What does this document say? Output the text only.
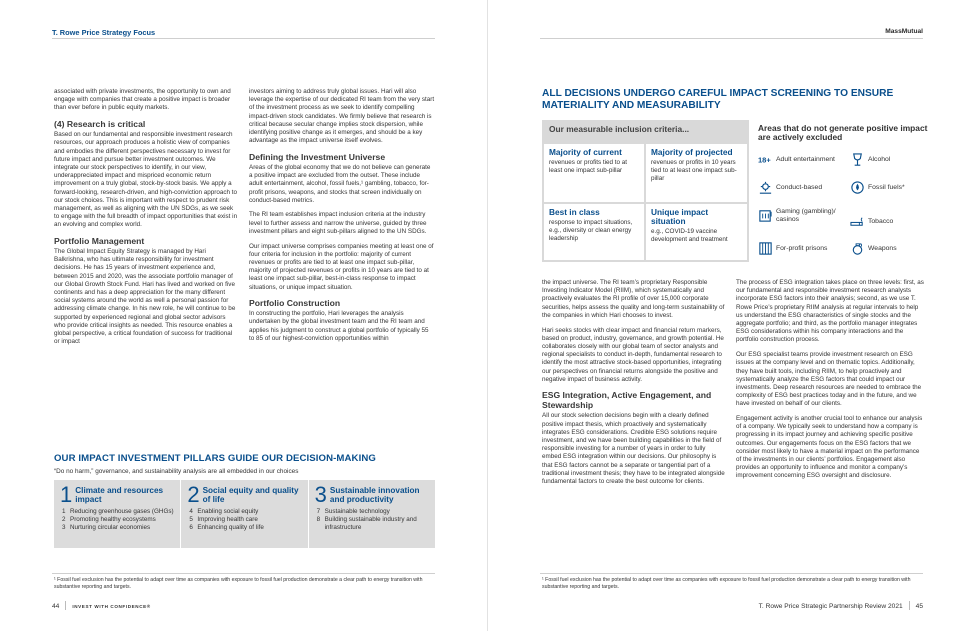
T. Rowe Price Strategy Focus

associated with private investments, the opportunity to own and engage with companies that create a positive impact is broader than ever before in public equity markets.

(4) Research is critical

Based on our fundamental and responsible investment research resources, our approach produces a holistic view of companies and embodies the different perspectives necessary to invest for future impact and pursue better investment outcomes. We integrate our stock perspectives to identify, in our view, underappreciated impact and mispriced economic return improvement on a truly global, stock-by-stock basis. We apply a forward-looking, research-driven, and high-conviction approach to our stock choices. This is important with respect to prudent risk management, as well as aligning with the UN SDGs, as we seek to engage with the full breadth of impact opportunities that exist in an evolving and complex world.

Portfolio Management

The Global Impact Equity Strategy is managed by Hari Balkrishna, who has ultimate responsibility for investment decisions. He has 15 years of investment experience and, between 2015 and 2020, was the associate portfolio manager of our Global Growth Stock Fund. Hari has lived and worked on five continents and has a deep appreciation for the many different social systems around the world as well a personal passion for addressing climate change. In his new role, he will continue to be supported by experienced regional and global sector advisors who provide critical insights as needed. This resource enables a global perspective, a critical foundation of success for traditional or impact

investors aiming to address truly global issues. Hari will also leverage the expertise of our dedicated RI team from the very start of the investment process as we seek to identify compelling impact-driven stock candidates. We firmly believe that research is critical because secular change implies stock dispersion, while identifying positive change as it emerges, and should be a key advantage as the impact universe itself evolves.

Defining the Investment Universe

Areas of the global economy that we do not believe can generate a positive impact are excluded from the outset. These include adult entertainment, alcohol, fossil fuels,¹ gambling, tobacco, for-profit prisons, weapons, and stocks that screen individually on conduct-based metrics.

The RI team establishes impact inclusion criteria at the industry level to further assess and narrow the universe, guided by three investment pillars and eight sub-pillars aligned to the UN SDGs.

Our impact universe comprises companies meeting at least one of four criteria for inclusion in the portfolio: majority of current revenues or profits are tied to at least one impact sub-pillar, majority of projected revenues or profits in 10 years are tied to at least one impact sub-pillar, best-in-class response to impact situations, or unique impact situation.

Portfolio Construction

In constructing the portfolio, Hari leverages the analysis undertaken by the global investment team and the RI team and applies his judgment to construct a global portfolio of typically 55 to 85 of our highest-conviction opportunities within

OUR IMPACT INVESTMENT PILLARS GUIDE OUR DECISION-MAKING
“Do no harm,” governance, and sustainability analysis are all embedded in our choices
1 Climate and resources impact
1 Reducing greenhouse gases (GHGs)
2 Promoting healthy ecosystems
3 Nurturing circular economies
2 Social equity and quality of life
4 Enabling social equity
5 Improving health care
6 Enhancing quality of life
3 Sustainable innovation and productivity
7 Sustainable technology
8 Building sustainable industry and infrastructure
¹ Fossil fuel exclusion has the potential to adapt over time as companies with exposure to fossil fuel production demonstrate a clear path to energy transition with substantive reporting and targets.
44	INVEST WITH CONFIDENCE®
MassMutual
ALL DECISIONS UNDERGO CAREFUL IMPACT SCREENING TO ENSURE MATERIALITY AND MEASURABILITY
Our measurable inclusion criteria...
Majority of current
revenues or profits tied to at least one impact sub-pillar
Majority of projected
revenues or profits in 10 years tied to at least one impact sub-pillar
Best in class
response to impact situations, e.g., diversity or clean energy leadership
Unique impact situation
e.g., COVID-19 vaccine development and treatment
Areas that do not generate positive impact are actively excluded
18+ Adult entertainment	Alcohol
Conduct-based	Fossil fuels*
Gaming (gambling)/ casinos	Tobacco
For-profit prisons	Weapons

the impact universe. The RI team’s proprietary Responsible Investing Indicator Model (RIIM), which systematically and proactively evaluates the RI profile of over 15,000 corporate securities, helps assess the quality and long-term sustainability of the companies in which Hari chooses to invest.

Hari seeks stocks with clear impact and financial return markers, based on product, industry, governance, and growth potential. He collaborates closely with our global team of sector analysts and regional specialists to conduct in-depth, fundamental research to identify the most attractive stock-based opportunities, integrating our perspectives on financial returns alongside the positive and negative impact of business activity.

ESG Integration, Active Engagement, and Stewardship

All our stock selection decisions begin with a clearly defined positive impact thesis, which proactively and systematically integrates ESG considerations. Credible ESG solutions require investment, and we have been building capabilities in the field of responsible investing for a number of years in order to fully embed ESG integration within our decisions. Our philosophy is that ESG factors cannot be a separate or tangential part of a traditional investment thesis; they have to be integrated alongside fundamental factors to create the best outcome for clients.

The process of ESG integration takes place on three levels: first, as our fundamental and responsible investment research analysts incorporate ESG factors into their analysis; second, as we use T. Rowe Price’s proprietary RIIM analysis at regular intervals to help us understand the ESG characteristics of single stocks and the aggregate portfolio; and third, as the portfolio manager integrates ESG considerations within his company interactions and the portfolio construction process.

Our ESG specialist teams provide investment research on ESG issues at the company level and on thematic topics. Additionally, they have built tools, including RIIM, to help proactively and systematically analyze the ESG factors that could impact our investments. Deep research resources are needed to embrace the complexity of ESG best practices today and in the future, and we have invested on behalf of our clients.

Engagement activity is another crucial tool to enhance our analysis of a company. We typically seek to understand how a company is progressing in its impact journey and achieving specific positive outcomes. Our engagements focus on the ESG factors that we consider most likely to have a material impact on the performance of the investments in our clients’ portfolios. Engagement also provides an opportunity to influence and monitor a company’s improvement concerning ESG oversight and disclosure.

¹ Fossil fuel exclusion has the potential to adapt over time as companies with exposure to fossil fuel production demonstrate a clear path to energy transition with substantive reporting and targets.
T. Rowe Price Strategic Partnership Review 2021 45
